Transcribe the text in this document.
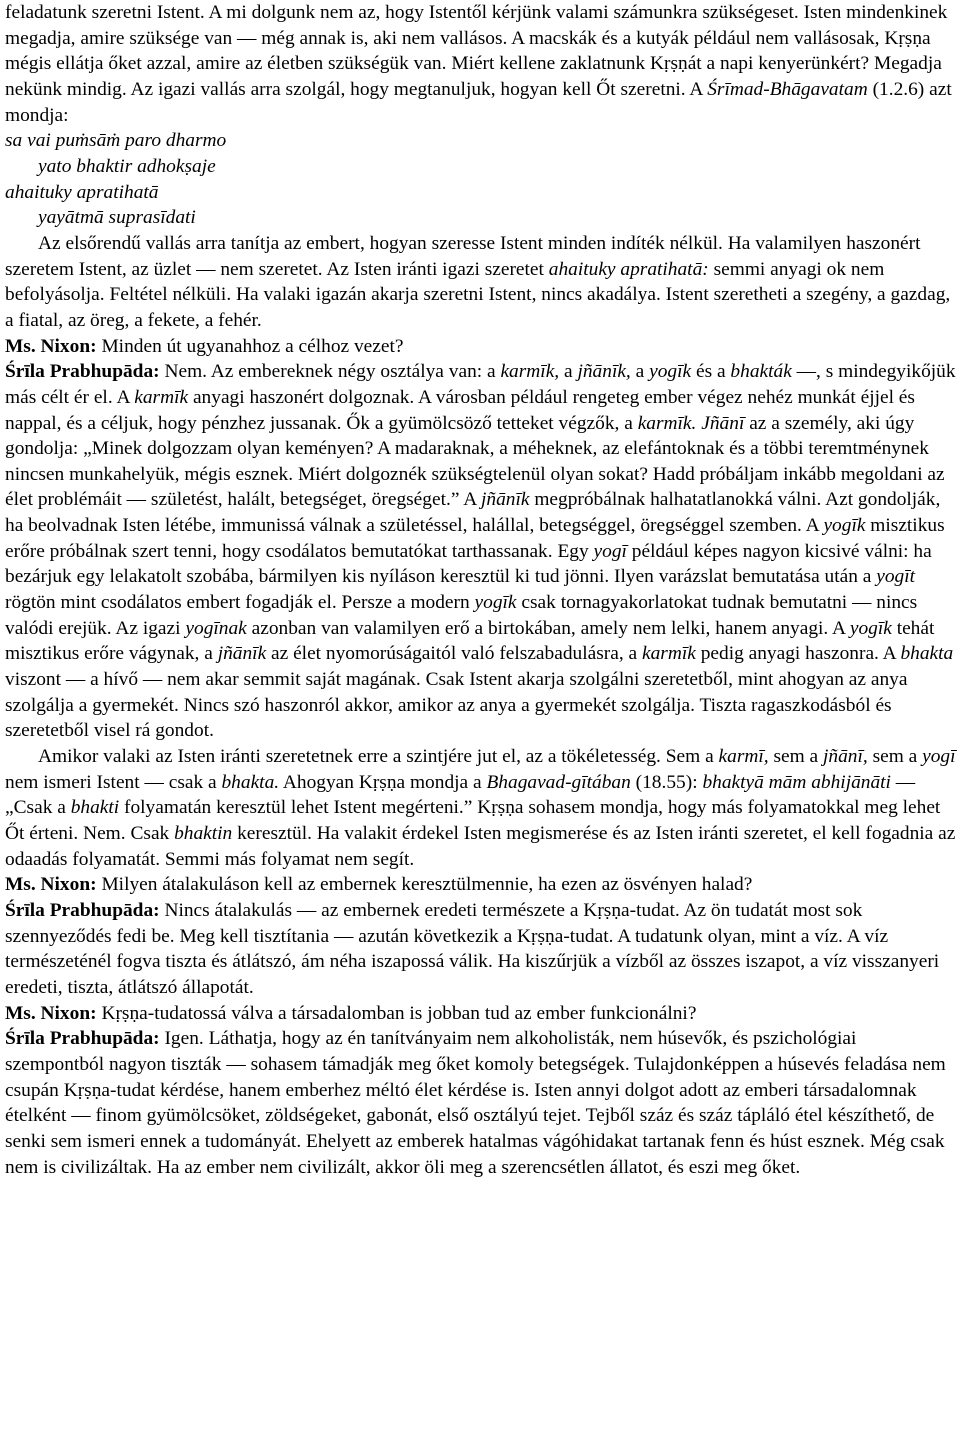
feladatunk szeretni Istent. A mi dolgunk nem az, hogy Istentől kérjünk valami számunkra szükségeset. Isten mindenkinek megadja, amire szüksége van — még annak is, aki nem vallásos. A macskák és a kutyák például nem vallásosak, Kṛṣṇa mégis ellátja őket azzal, amire az életben szükségük van. Miért kellene zaklatnunk Kṛṣṇát a napi kenyerünkért? Megadja nekünk mindig. Az igazi vallás arra szolgál, hogy megtanuljuk, hogyan kell Őt szeretni. A Śrīmad-Bhāgavatam (1.2.6) azt mondja:

sa vai puṁsāṁ paro dharmo
yato bhaktir adhokṣaje
ahaituky apratihatā
yayātmā suprasīdati

Az elsőrendű vallás arra tanítja az embert, hogyan szeresse Istent minden indíték nélkül. Ha valamilyen haszonért szeretem Istent, az üzlet — nem szeretet. Az Isten iránti igazi szeretet ahaituky apratihatā: semmi anyagi ok nem befolyásolja. Feltétel nélküli. Ha valaki igazán akarja szeretni Istent, nincs akadálya. Istent szeretheti a szegény, a gazdag, a fiatal, az öreg, a fekete, a fehér.

Ms. Nixon: Minden út ugyanahhoz a célhoz vezet?

Śrīla Prabhupāda: Nem. Az embereknek négy osztálya van: a karmīk, a jñānīk, a yogīk és a bhakták —, s mindegyikőjük más célt ér el. A karmīk anyagi haszonért dolgoznak. A városban például rengeteg ember végez nehéz munkát éjjel és nappal, és a céljuk, hogy pénzhez jussanak. Ők a gyümölcsöző tetteket végzők, a karmīk. Jñānī az a személy, aki úgy gondolja: „Minek dolgozzam olyan keményen? A madaraknak, a méheknek, az elefántoknak és a többi teremtménynek nincsen munkahelyük, mégis esznek. Miért dolgoznék szükségtelenül olyan sokat? Hadd próbáljam inkább megoldani az élet problémáit — születést, halált, betegséget, öregséget.” A jñānīk megpróbálnak halhatatlanokká válni. Azt gondolják, ha beolvadnak Isten létébe, immunissá válnak a születéssel, halállal, betegséggel, öregséggel szemben. A yogīk misztikus erőre próbálnak szert tenni, hogy csodálatos bemutatókat tarthassanak. Egy yogī például képes nagyon kicsivé válni: ha bezárjuk egy lelakatolt szobába, bármilyen kis nyíláson keresztül ki tud jönni. Ilyen varázslat bemutatása után a yogīt rögtön mint csodálatos embert fogadják el. Persze a modern yogīk csak tornagyakorlatokat tudnak bemutatni — nincs valódi erejük. Az igazi yogīnak azonban van valamilyen erő a birtokában, amely nem lelki, hanem anyagi. A yogīk tehát misztikus erőre vágynak, a jñānīk az élet nyomorúságaitól való felszabadulásra, a karmīk pedig anyagi haszonra. A bhakta viszont — a hívő — nem akar semmit saját magának. Csak Istent akarja szolgálni szeretetből, mint ahogyan az anya szolgálja a gyermekét. Nincs szó haszonról akkor, amikor az anya a gyermekét szolgálja. Tiszta ragaszkodásból és szeretetből visel rá gondot.

Amikor valaki az Isten iránti szeretetnek erre a szintjére jut el, az a tökéletesség. Sem a karmī, sem a jñānī, sem a yogī nem ismeri Istent — csak a bhakta. Ahogyan Kṛṣṇa mondja a Bhagavad-gītában (18.55): bhaktyā mām abhijānāti — „Csak a bhakti folyamatán keresztül lehet Istent megérteni.” Kṛṣṇa sohasem mondja, hogy más folyamatokkal meg lehet Őt érteni. Nem. Csak bhaktin keresztül. Ha valakit érdekel Isten megismerése és az Isten iránti szeretet, el kell fogadnia az odaadás folyamatát. Semmi más folyamat nem segít.

Ms. Nixon: Milyen átalakuláson kell az embernek keresztülmennie, ha ezen az ösvényen halad?

Śrīla Prabhupāda: Nincs átalakulás — az embernek eredeti természete a Kṛṣṇa-tudat. Az ön tudatát most sok szennyeződés fedi be. Meg kell tisztítania — azután következik a Kṛṣṇa-tudat. A tudatunk olyan, mint a víz. A víz természeténél fogva tiszta és átlátszó, ám néha iszapossá válik. Ha kiszűrjük a vízből az összes iszapot, a víz visszanyeri eredeti, tiszta, átlátszó állapotát.

Ms. Nixon: Kṛṣṇa-tudatossá válva a társadalomban is jobban tud az ember funkcionálni?

Śrīla Prabhupāda: Igen. Láthatja, hogy az én tanítványaim nem alkoholisták, nem húsevők, és pszichológiai szempontból nagyon tiszták — sohasem támadják meg őket komoly betegségek. Tulajdonképpen a húsevés feladása nem csupán Kṛṣṇa-tudat kérdése, hanem emberhez méltó élet kérdése is. Isten annyi dolgot adott az emberi társadalomnak ételként — finom gyümölcsöket, zöldségeket, gabonát, első osztályú tejet. Tejből száz és száz tápláló étel készíthető, de senki sem ismeri ennek a tudományát. Ehelyett az emberek hatalmas vágóhidakat tartanak fenn és húst esznek. Még csak nem is civilizáltak. Ha az ember nem civilizált, akkor öli meg a szerencsétlen állatot, és eszi meg őket.
